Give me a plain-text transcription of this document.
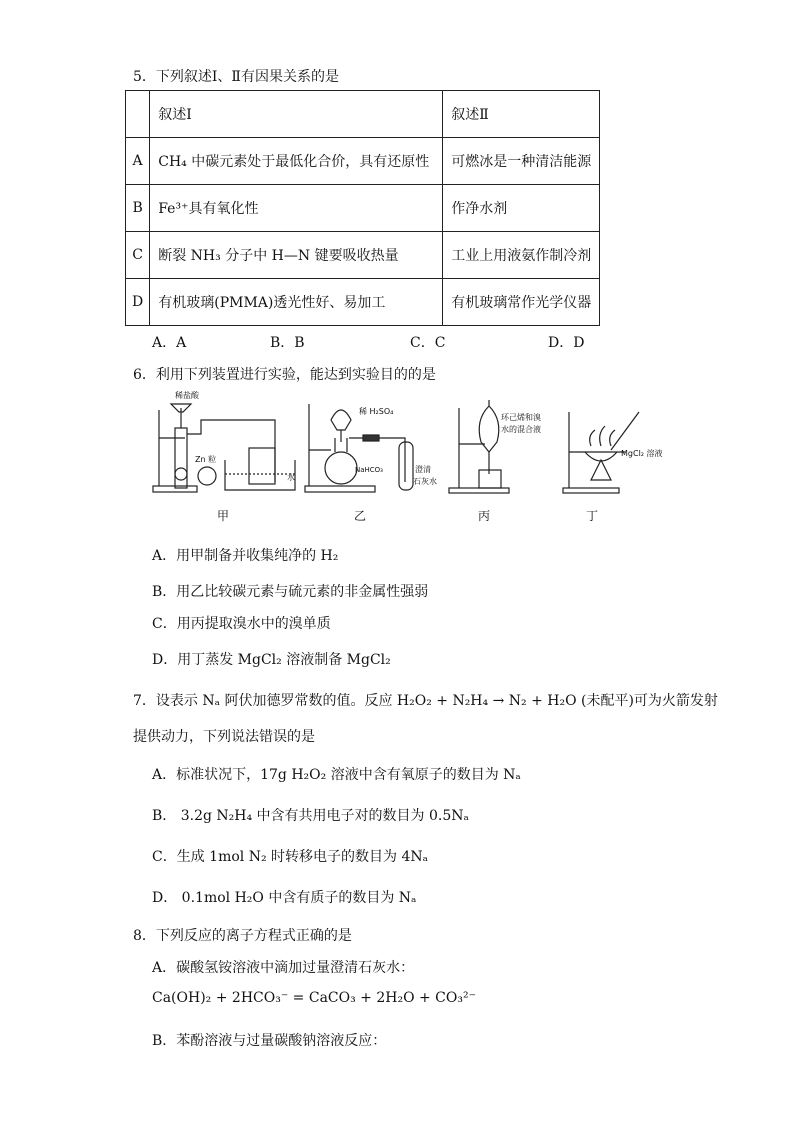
5．下列叙述Ⅰ、Ⅱ有因果关系的是
	叙述Ⅰ	叙述Ⅱ
A	CH₄ 中碳元素处于最低化合价，具有还原性	可燃冰是一种清洁能源
B	Fe³⁺具有氧化性	作净水剂
C	断裂 NH₃ 分子中 H—N 键要吸收热量	工业上用液氨作制冷剂
D	有机玻璃(PMMA)透光性好、易加工	有机玻璃常作光学仪器
A．A	B．B	C．C	D．D
6．利用下列装置进行实验，能达到实验目的的是
稀盐酸
Zn 粒
水
稀 H₂SO₄
NaHCO₃	澄清
石灰水
环己烯和溴
水的混合液
MgCl₂ 溶液
甲	乙	丙	丁
A．用甲制备并收集纯净的 H₂
B．用乙比较碳元素与硫元素的非金属性强弱
C．用丙提取溴水中的溴单质
D．用丁蒸发 MgCl₂ 溶液制备 MgCl₂
7．设表示 Nₐ 阿伏加德罗常数的值。反应 H₂O₂ + N₂H₄ → N₂ + H₂O (未配平)可为火箭发射
提供动力，下列说法错误的是
A．标准状况下，17g H₂O₂ 溶液中含有氧原子的数目为 Nₐ
B． 3.2g N₂H₄ 中含有共用电子对的数目为 0.5Nₐ
C．生成 1mol N₂ 时转移电子的数目为 4Nₐ
D． 0.1mol H₂O 中含有质子的数目为 Nₐ
8．下列反应的离子方程式正确的是
A．碳酸氢铵溶液中滴加过量澄清石灰水：
Ca(OH)₂ + 2HCO₃⁻ = CaCO₃ + 2H₂O + CO₃²⁻
B．苯酚溶液与过量碳酸钠溶液反应：
